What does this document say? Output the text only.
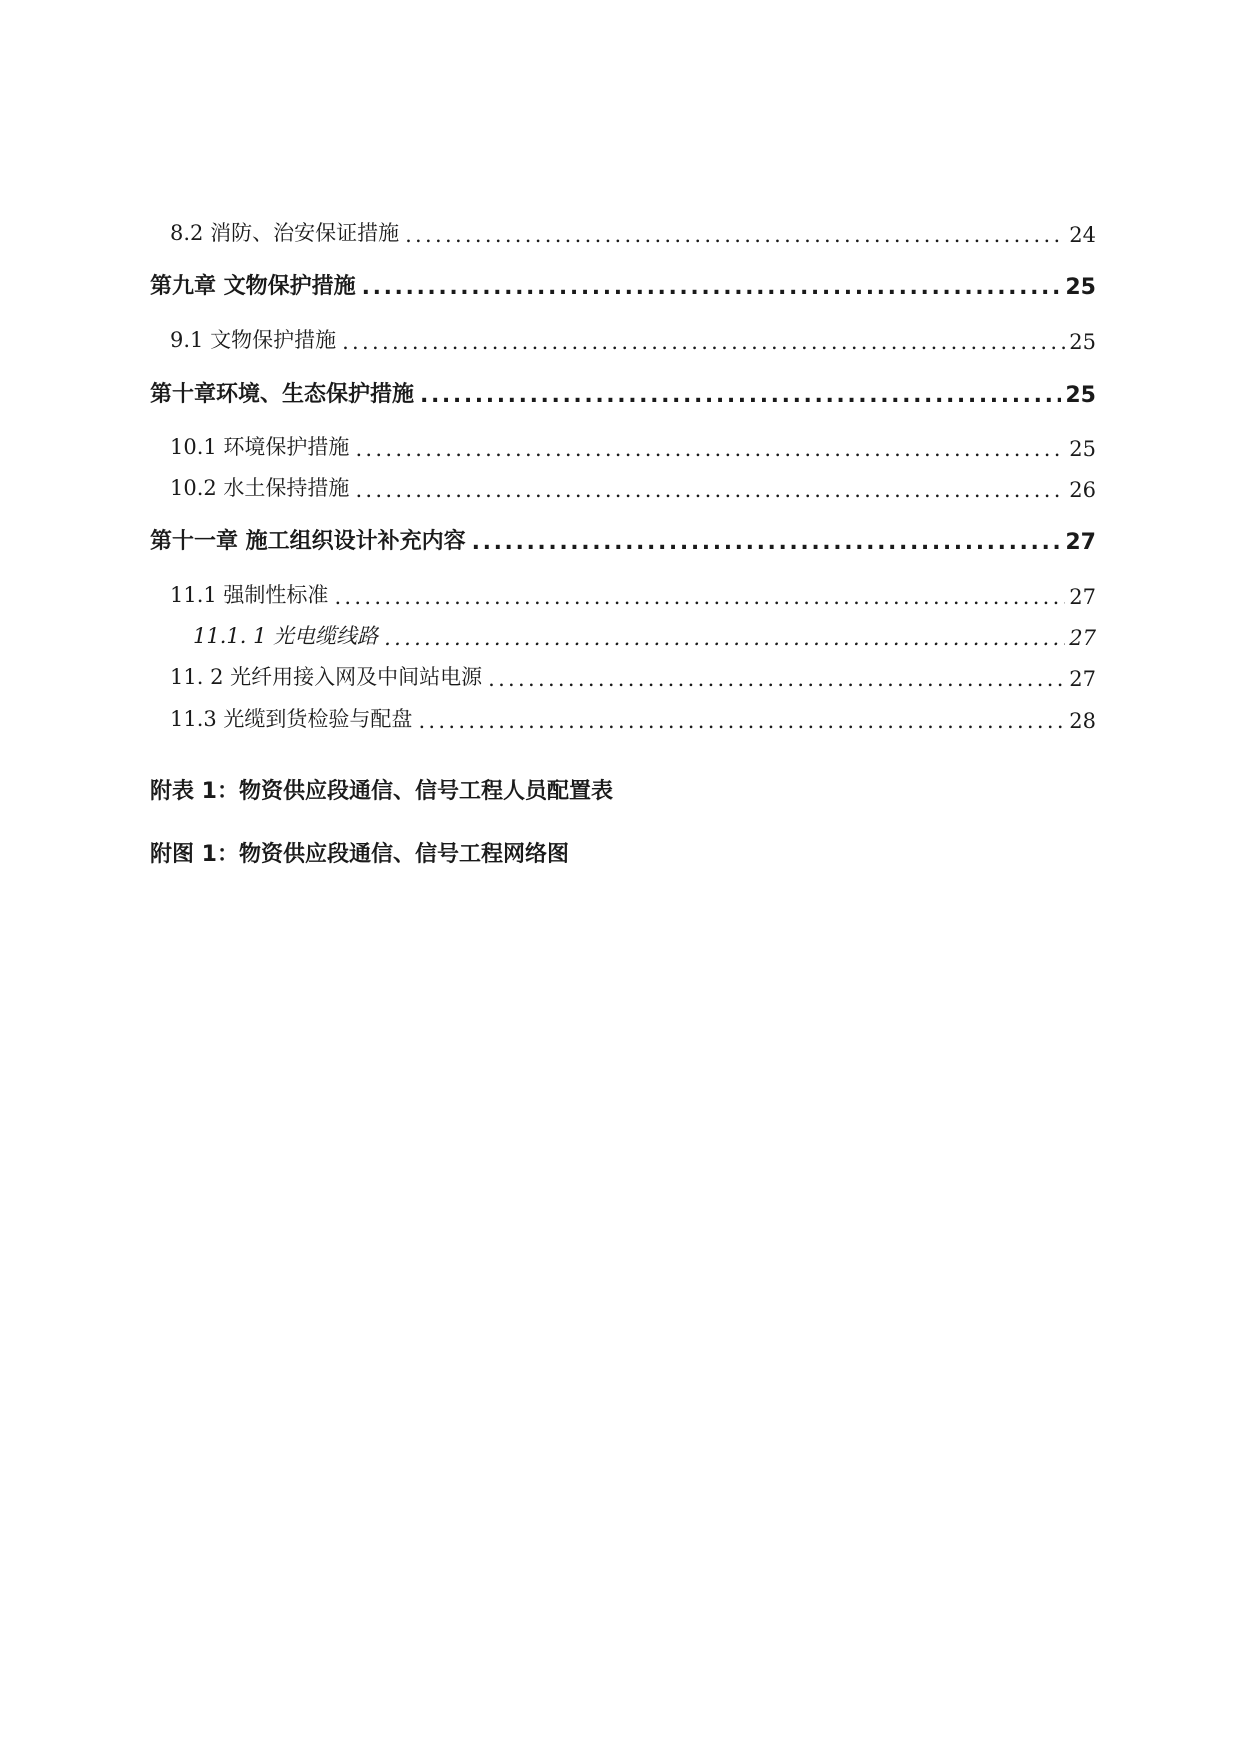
8.2 消防、治安保证措施 .....	24
第九章 文物保护措施 .....	25
9.1 文物保护措施 .....	25
第十章环境、生态保护措施 .....	25
10.1 环境保护措施 .....	25
10.2 水土保持措施 .....	26
第十一章 施工组织设计补充内容 .....	27
11.1 强制性标准 .....	27
11.1. 1 光电缆线路 .....	27
11. 2 光纤用接入网及中间站电源 .....	27
11.3 光缆到货检验与配盘 .....	28
附表 1：物资供应段通信、信号工程人员配置表
附图 1：物资供应段通信、信号工程网络图
